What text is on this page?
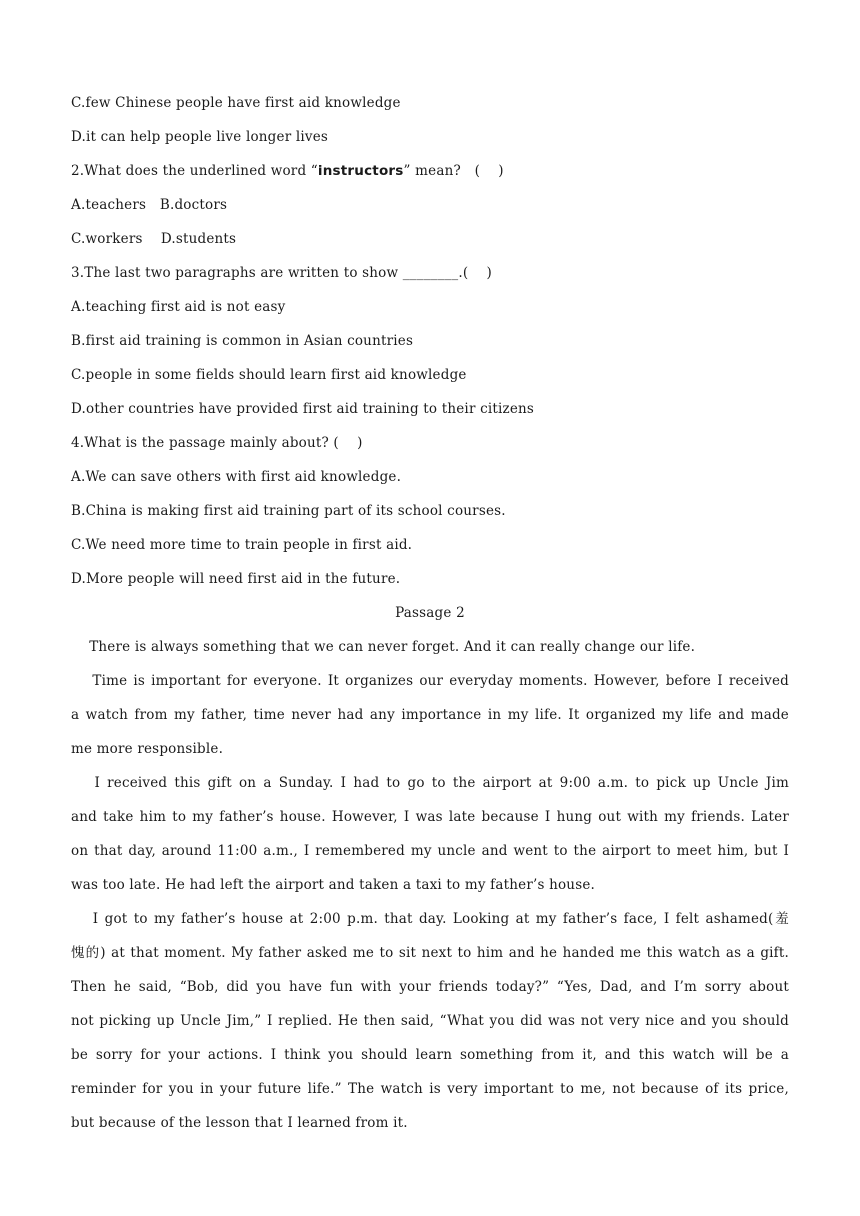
C.few Chinese people have first aid knowledge
D.it can help people live longer lives
2.What does the underlined word “instructors” mean?　(　 )
A.teachers　B.doctors
C.workers　 D.students
3.The last two paragraphs are written to show ________.(　 )
A.teaching first aid is not easy
B.first aid training is common in Asian countries
C.people in some fields should learn first aid knowledge
D.other countries have provided first aid training to their citizens
4.What is the passage mainly about? (　 )
A.We can save others with first aid knowledge.
B.China is making first aid training part of its school courses.
C.We need more time to train people in first aid.
D.More people will need first aid in the future.
Passage 2
　 There is always something that we can never forget. And it can really change our life.
　 Time is important for everyone. It organizes our everyday moments. However, before I received
a watch from my father, time never had any importance in my life. It organized my life and made
me more responsible.
　 I received this gift on a Sunday. I had to go to the airport at 9:00 a.m. to pick up Uncle Jim
and take him to my father’s house. However, I was late because I hung out with my friends. Later
on that day, around 11:00 a.m., I remembered my uncle and went to the airport to meet him, but I
was too late. He had left the airport and taken a taxi to my father’s house.
　 I got to my father’s house at 2:00 p.m. that day. Looking at my father’s face, I felt ashamed(羞
愧的) at that moment. My father asked me to sit next to him and he handed me this watch as a gift.
Then he said, “Bob, did you have fun with your friends today?” “Yes, Dad, and I’m sorry about
not picking up Uncle Jim,” I replied. He then said, “What you did was not very nice and you should
be sorry for your actions. I think you should learn something from it, and this watch will be a
reminder for you in your future life.” The watch is very important to me, not because of its price,
but because of the lesson that I learned from it.
